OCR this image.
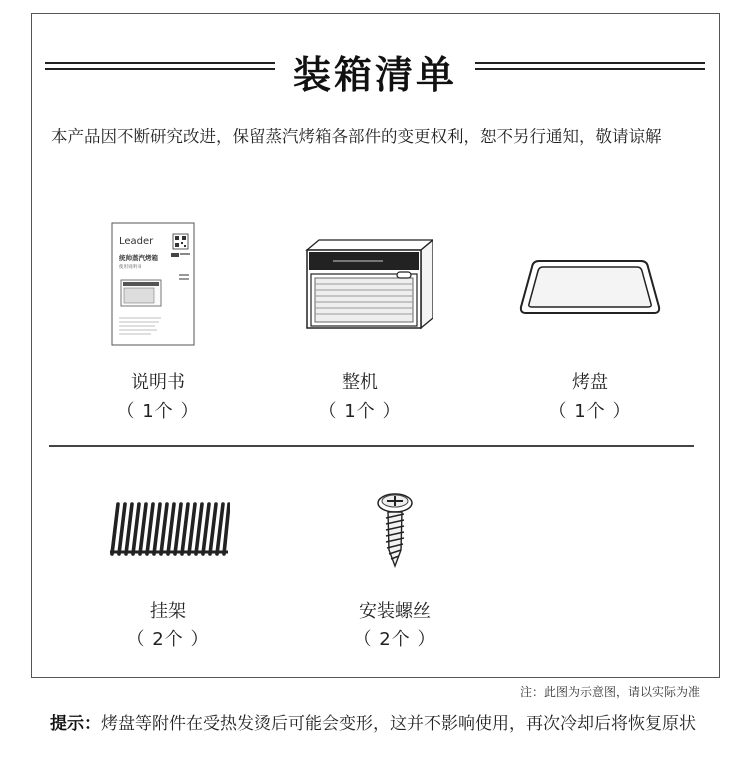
装箱清单
本产品因不断研究改进，保留蒸汽烤箱各部件的变更权利，恕不另行通知，敬请谅解
Leader
统帅蒸汽烤箱
使用说明书
说明书
（ 1个 ）
整机
（ 1个 ）
烤盘
（ 1个 ）
挂架
（ 2个 ）
安装螺丝
（ 2个 ）
注：此图为示意图，请以实际为准
提示：烤盘等附件在受热发烫后可能会变形，这并不影响使用，再次冷却后将恢复原状
